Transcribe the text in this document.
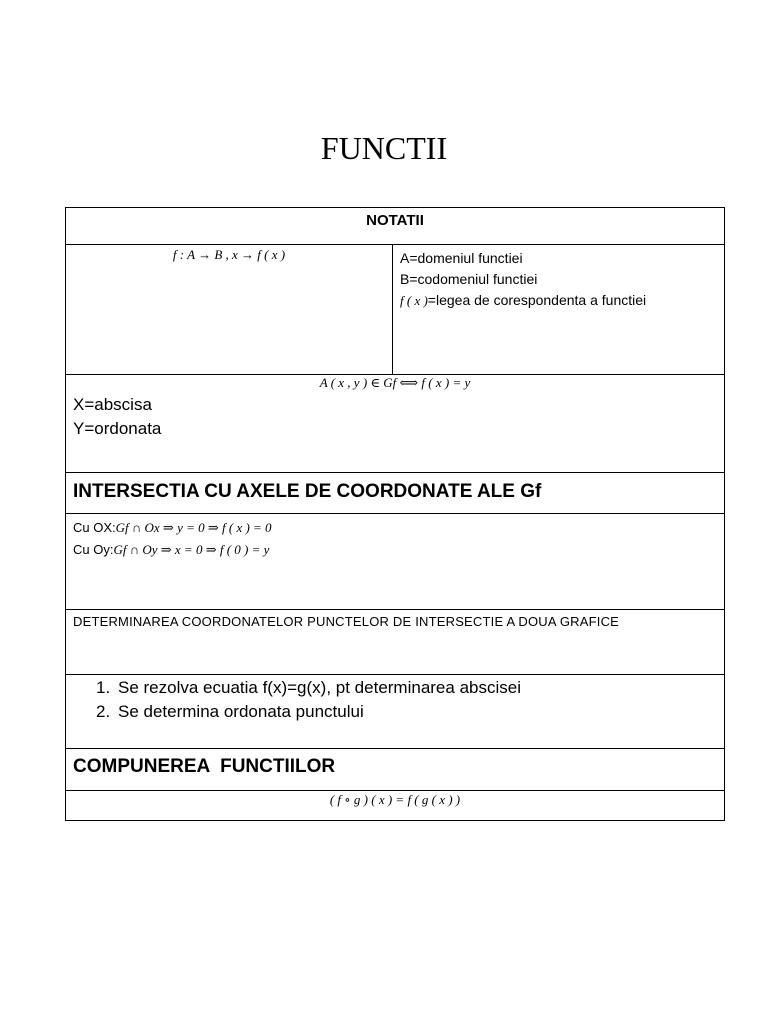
FUNCTII
NOTATII
f : A → B , x → f ( x )	A=domeniul functiei
B=codomeniul functiei
f ( x )=legea de corespondenta a functiei
A ( x , y ) ∈ Gf ⟺ f ( x ) = y
X=abscisa
Y=ordonata
INTERSECTIA CU AXELE DE COORDONATE ALE Gf
Cu OX:Gf ∩ Ox ⇒ y = 0 ⇒ f ( x ) = 0
Cu Oy:Gf ∩ Oy ⇒ x = 0 ⇒ f ( 0 ) = y
DETERMINAREA COORDONATELOR PUNCTELOR DE INTERSECTIE A DOUA GRAFICE
1. Se rezolva ecuatia f(x)=g(x), pt determinarea abscisei
2. Se determina ordonata punctului
COMPUNEREA  FUNCTIILOR
( f ∘ g ) ( x ) = f ( g ( x ) )
